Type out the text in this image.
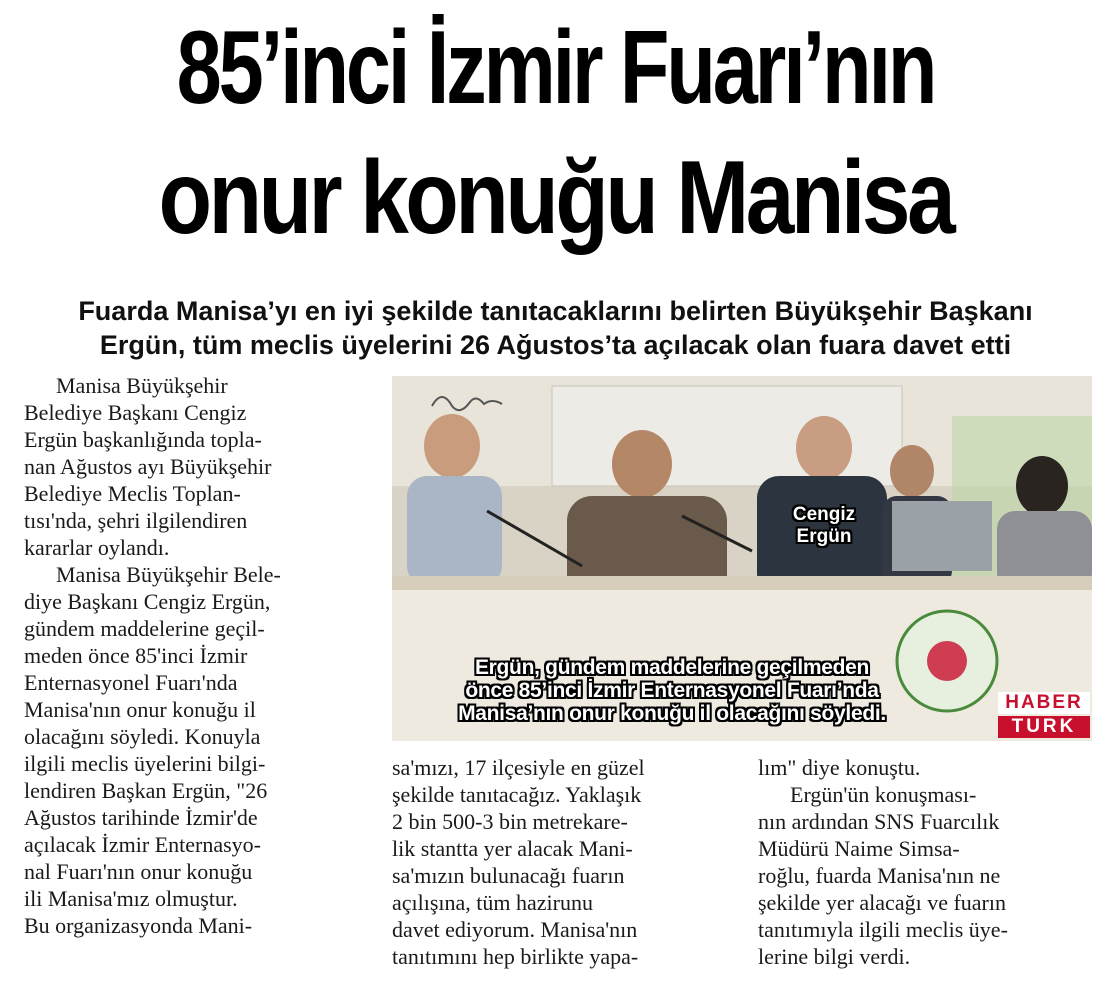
85’inci İzmir Fuarı’nın
onur konuğu Manisa
Fuarda Manisa’yı en iyi şekilde tanıtacaklarını belirten Büyükşehir Başkanı
Ergün, tüm meclis üyelerini 26 Ağustos’ta açılacak olan fuara davet etti

Manisa Büyükşehir

Belediye Başkanı Cengiz

Ergün başkanlığında topla-

nan Ağustos ayı Büyükşehir

Belediye Meclis Toplan-

tısı'nda, şehri ilgilendiren

kararlar oylandı.

Manisa Büyükşehir Bele-

diye Başkanı Cengiz Ergün,

gündem maddelerine geçil-

meden önce 85'inci İzmir

Enternasyonel Fuarı'nda

Manisa'nın onur konuğu il

olacağını söyledi. Konuyla

ilgili meclis üyelerini bilgi-

lendiren Başkan Ergün, "26

Ağustos tarihinde İzmir'de

açılacak İzmir Enternasyo-

nal Fuarı'nın onur konuğu

ili Manisa'mız olmuştur.

Bu organizasyonda Mani-

Cengiz
Ergün
Ergün, gündem maddelerine geçilmeden
önce 85’inci İzmir Enternasyonel Fuarı’nda
Manisa’nın onur konuğu il olacağını söyledi.	HABER
TURK

sa'mızı, 17 ilçesiyle en güzel

şekilde tanıtacağız. Yaklaşık

2 bin 500-3 bin metrekare-

lik stantta yer alacak Mani-

sa'mızın bulunacağı fuarın

açılışına, tüm hazirunu

davet ediyorum. Manisa'nın

tanıtımını hep birlikte yapa-

lım" diye konuştu.

Ergün'ün konuşması-

nın ardından SNS Fuarcılık

Müdürü Naime Simsa-

roğlu, fuarda Manisa'nın ne

şekilde yer alacağı ve fuarın

tanıtımıyla ilgili meclis üye-

lerine bilgi verdi.
